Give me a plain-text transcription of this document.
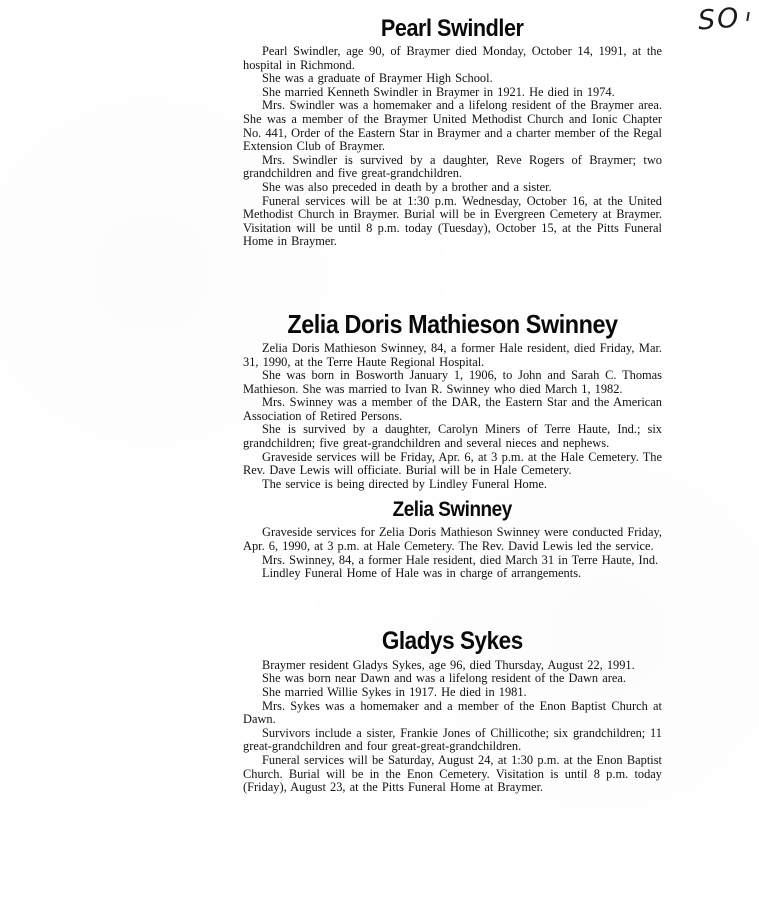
SO
Pearl Swindler

Pearl Swindler, age 90, of Braymer died Monday, October 14, 1991, at the hospital in Richmond.

She was a graduate of Braymer High School.

She married Kenneth Swindler in Braymer in 1921. He died in 1974.

Mrs. Swindler was a homemaker and a lifelong resident of the Braymer area. She was a member of the Braymer United Methodist Church and Ionic Chapter No. 441, Order of the Eastern Star in Braymer and a charter member of the Regal Extension Club of Braymer.

Mrs. Swindler is survived by a daughter, Reve Rogers of Braymer; two grandchildren and five great-grandchildren.

She was also preceded in death by a brother and a sister.

Funeral services will be at 1:30 p.m. Wednesday, October 16, at the United Methodist Church in Braymer. Burial will be in Evergreen Cemetery at Braymer. Visitation will be until 8 p.m. today (Tuesday), October 15, at the Pitts Funeral Home in Braymer.

Zelia Doris Mathieson Swinney

Zelia Doris Mathieson Swinney, 84, a former Hale resident, died Friday, Mar. 31, 1990, at the Terre Haute Regional Hospital.

She was born in Bosworth January 1, 1906, to John and Sarah C. Thomas Mathieson. She was married to Ivan R. Swinney who died March 1, 1982.

Mrs. Swinney was a member of the DAR, the Eastern Star and the American Association of Retired Persons.

She is survived by a daughter, Carolyn Miners of Terre Haute, Ind.; six grandchildren; five great-grandchildren and several nieces and nephews.

Graveside services will be Friday, Apr. 6, at 3 p.m. at the Hale Cemetery. The Rev. Dave Lewis will officiate. Burial will be in Hale Cemetery.

The service is being directed by Lindley Funeral Home.

Zelia Swinney

Graveside services for Zelia Doris Mathieson Swinney were conducted Friday, Apr. 6, 1990, at 3 p.m. at Hale Cemetery. The Rev. David Lewis led the service.

Mrs. Swinney, 84, a former Hale resident, died March 31 in Terre Haute, Ind.

Lindley Funeral Home of Hale was in charge of arrangements.

Gladys Sykes

Braymer resident Gladys Sykes, age 96, died Thursday, August 22, 1991.

She was born near Dawn and was a lifelong resident of the Dawn area.

She married Willie Sykes in 1917. He died in 1981.

Mrs. Sykes was a homemaker and a member of the Enon Baptist Church at Dawn.

Survivors include a sister, Frankie Jones of Chillicothe; six grandchildren; 11 great-grandchildren and four great-great-grandchildren.

Funeral services will be Saturday, August 24, at 1:30 p.m. at the Enon Baptist Church. Burial will be in the Enon Cemetery. Visitation is until 8 p.m. today (Friday), August 23, at the Pitts Funeral Home at Braymer.
